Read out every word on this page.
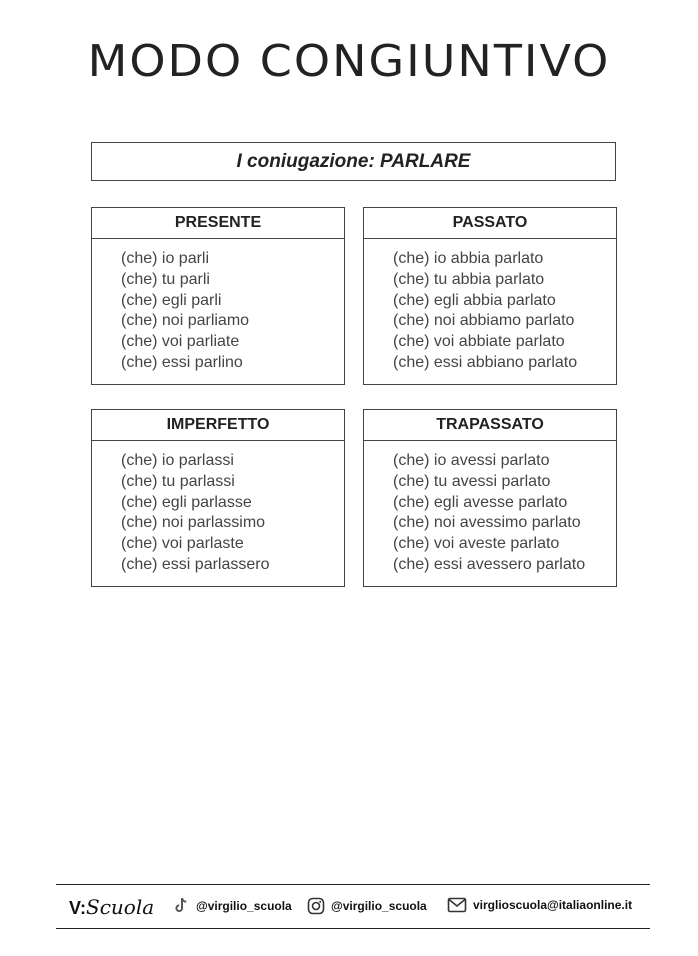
MODO CONGIUNTIVO
I coniugazione: PARLARE
PRESENTE
(che) io parli
(che) tu parli
(che) egli parli
(che) noi parliamo
(che) voi parliate
(che) essi parlino
PASSATO
(che) io abbia parlato
(che) tu abbia parlato
(che) egli abbia parlato
(che) noi abbiamo parlato
(che) voi abbiate parlato
(che) essi abbiano parlato
IMPERFETTO
(che) io parlassi
(che) tu parlassi
(che) egli parlasse
(che) noi parlassimo
(che) voi parlaste
(che) essi parlassero
TRAPASSATO
(che) io avessi parlato
(che) tu avessi parlato
(che) egli avesse parlato
(che) noi avessimo parlato
(che) voi aveste parlato
(che) essi avessero parlato
V:Scuola	@virgilio_scuola	@virgilio_scuola	virglioscuola@italiaonline.it
